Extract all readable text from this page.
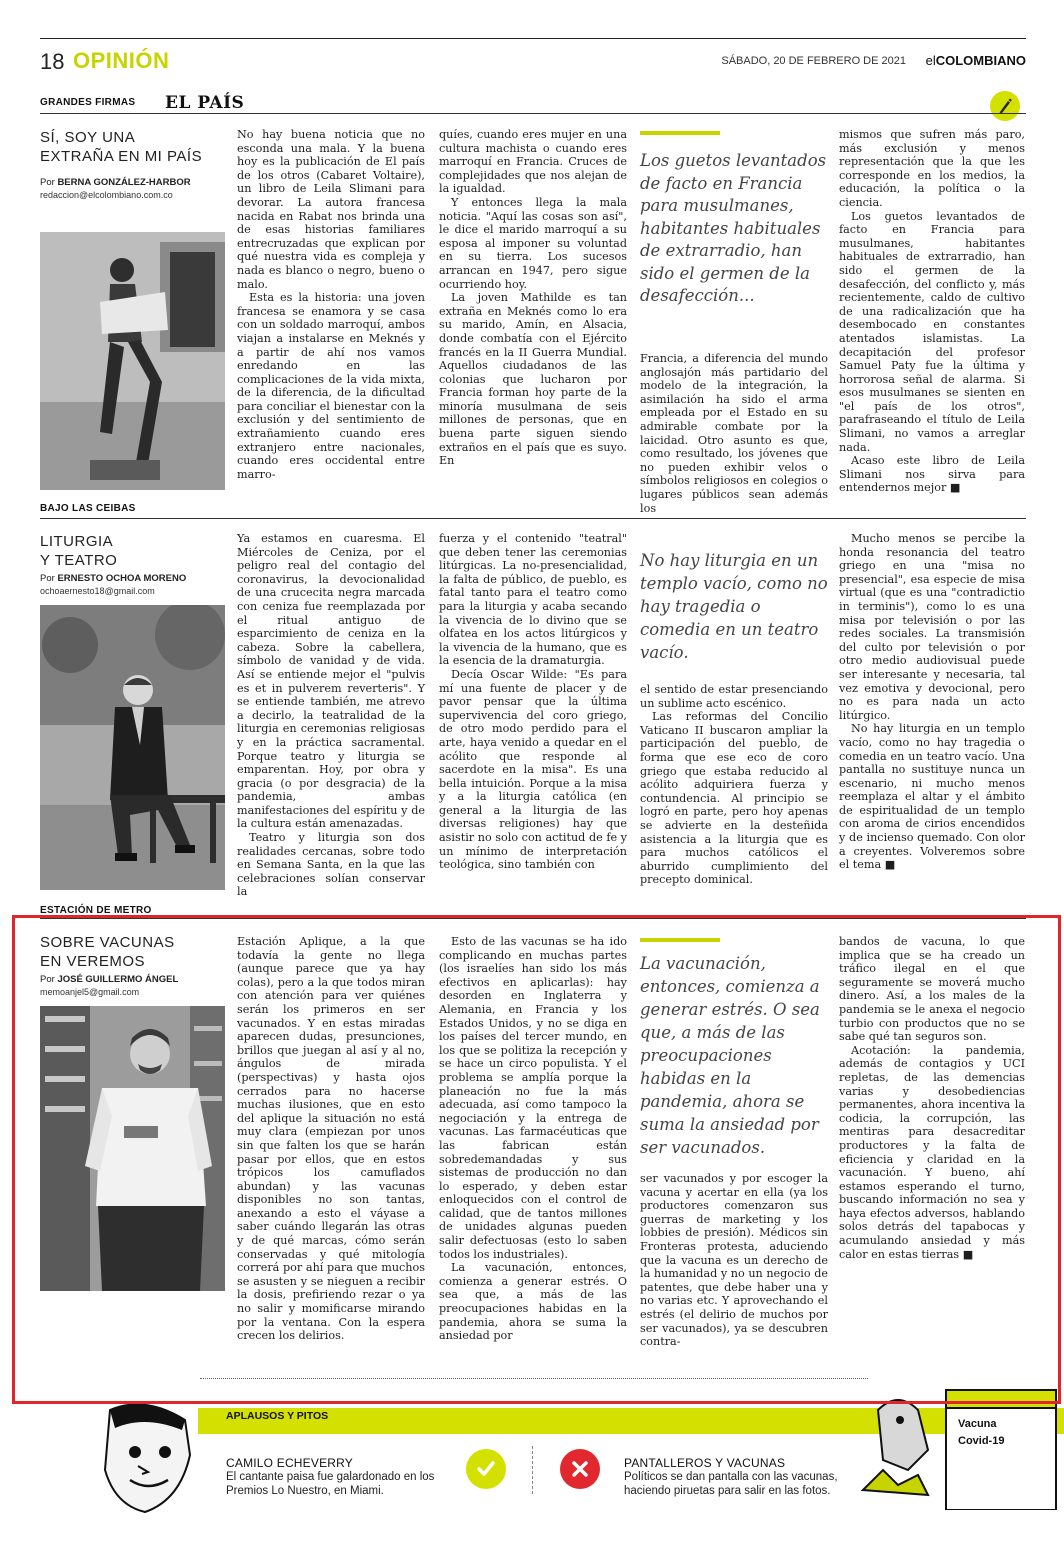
18 OPINIÓN	SÁBADO, 20 DE FEBRERO DE 2021 elCOLOMBIANO
GRANDES FIRMAS EL PAÍS
SÍ, SOY UNA
EXTRAÑA EN MI PAÍS
Por BERNA GONZÁLEZ-HARBOR
redaccion@elcolombiano.com.co

No hay buena noticia que no esconda una mala. Y la buena hoy es la publicación de El país de los otros (Cabaret Voltaire), un libro de Leila Slimani para devorar. La autora francesa nacida en Rabat nos brinda una de esas historias familiares entrecruzadas que explican por qué nuestra vida es compleja y nada es blanco o negro, bueno o malo.

Esta es la historia: una joven francesa se enamora y se casa con un soldado marroquí, ambos viajan a instalarse en Meknés y a partir de ahí nos vamos enredando en las complicaciones de la vida mixta, de la diferencia, de la dificultad para conciliar el bienestar con la exclusión y del sentimiento de extrañamiento cuando eres extranjero entre nacionales, cuando eres occidental entre marro-

quíes, cuando eres mujer en una cultura machista o cuando eres marroquí en Francia. Cruces de complejidades que nos alejan de la igualdad.

Y entonces llega la mala noticia. "Aquí las cosas son así", le dice el marido marroquí a su esposa al imponer su voluntad en su tierra. Los sucesos arrancan en 1947, pero sigue ocurriendo hoy.

La joven Mathilde es tan extraña en Meknés como lo era su marido, Amín, en Alsacia, donde combatía con el Ejército francés en la II Guerra Mundial. Aquellos ciudadanos de las colonias que lucharon por Francia forman hoy parte de la minoría musulmana de seis millones de personas, que en buena parte siguen siendo extraños en el país que es suyo. En

Los guetos levantados de facto en Francia para musulmanes, habitantes habituales de extrarradio, han sido el germen de la desafección...

Francia, a diferencia del mundo anglosajón más partidario del modelo de la integración, la asimilación ha sido el arma empleada por el Estado en su admirable combate por la laicidad. Otro asunto es que, como resultado, los jóvenes que no pueden exhibir velos o símbolos religiosos en colegios o lugares públicos sean además los

mismos que sufren más paro, más exclusión y menos representación que la que les corresponde en los medios, la educación, la política o la ciencia.

Los guetos levantados de facto en Francia para musulmanes, habitantes habituales de extrarradio, han sido el germen de la desafección, del conflicto y, más recientemente, caldo de cultivo de una radicalización que ha desembocado en constantes atentados islamistas. La decapitación del profesor Samuel Paty fue la última y horrorosa señal de alarma. Si esos musulmanes se sienten en "el país de los otros", parafraseando el título de Leila Slimani, no vamos a arreglar nada.

Acaso este libro de Leila Slimani nos sirva para entendernos mejor ■

BAJO LAS CEIBAS
LITURGIA
Y TEATRO
Por ERNESTO OCHOA MORENO
ochoaernesto18@gmail.com

Ya estamos en cuaresma. El Miércoles de Ceniza, por el peligro real del contagio del coronavirus, la devocionalidad de una crucecita negra marcada con ceniza fue reemplazada por el ritual antiguo de esparcimiento de ceniza en la cabeza. Sobre la cabellera, símbolo de vanidad y de vida. Así se entiende mejor el "pulvis es et in pulverem reverteris". Y se entiende también, me atrevo a decirlo, la teatralidad de la liturgia en ceremonias religiosas y en la práctica sacramental. Porque teatro y liturgia se emparentan. Hoy, por obra y gracia (o por desgracia) de la pandemia, ambas manifestaciones del espíritu y de la cultura están amenazadas.

Teatro y liturgia son dos realidades cercanas, sobre todo en Semana Santa, en la que las celebraciones solían conservar la

fuerza y el contenido "teatral" que deben tener las ceremonias litúrgicas. La no-presencialidad, la falta de público, de pueblo, es fatal tanto para el teatro como para la liturgia y acaba secando la vivencia de lo divino que se olfatea en los actos litúrgicos y la vivencia de la humano, que es la esencia de la dramaturgia.

Decía Oscar Wilde: "Es para mí una fuente de placer y de pavor pensar que la última supervivencia del coro griego, de otro modo perdido para el arte, haya venido a quedar en el acólito que responde al sacerdote en la misa". Es una bella intuición. Porque a la misa y a la liturgia católica (en general a la liturgia de las diversas religiones) hay que asistir no solo con actitud de fe y un mínimo de interpretación teológica, sino también con

No hay liturgia en un templo vacío, como no hay tragedia o comedia en un teatro vacío.

el sentido de estar presenciando un sublime acto escénico.

Las reformas del Concilio Vaticano II buscaron ampliar la participación del pueblo, de forma que ese eco de coro griego que estaba reducido al acólito adquiriera fuerza y contundencia. Al principio se logró en parte, pero hoy apenas se advierte en la desteñida asistencia a la liturgia que es para muchos católicos el aburrido cumplimiento del precepto dominical.

Mucho menos se percibe la honda resonancia del teatro griego en una "misa no presencial", esa especie de misa virtual (que es una "contradictio in terminis"), como lo es una misa por televisión o por las redes sociales. La transmisión del culto por televisión o por otro medio audiovisual puede ser interesante y necesaria, tal vez emotiva y devocional, pero no es para nada un acto litúrgico.

No hay liturgia en un templo vacío, como no hay tragedia o comedia en un teatro vacío. Una pantalla no sustituye nunca un escenario, ni mucho menos reemplaza el altar y el ámbito de espiritualidad de un templo con aroma de cirios encendidos y de incienso quemado. Con olor a creyentes. Volveremos sobre el tema ■

ESTACIÓN DE METRO
SOBRE VACUNAS
EN VEREMOS
Por JOSÉ GUILLERMO ÁNGEL
memoanjel5@gmail.com

Estación Aplique, a la que todavía la gente no llega (aunque parece que ya hay colas), pero a la que todos miran con atención para ver quiénes serán los primeros en ser vacunados. Y en estas miradas aparecen dudas, presunciones, brillos que juegan al así y al no, ángulos de mirada (perspectivas) y hasta ojos cerrados para no hacerse muchas ilusiones, que en esto del aplique la situación no está muy clara (empiezan por unos sin que falten los que se harán pasar por ellos, que en estos trópicos los camuflados abundan) y las vacunas disponibles no son tantas, anexando a esto el váyase a saber cuándo llegarán las otras y de qué marcas, cómo serán conservadas y qué mitología correrá por ahí para que muchos se asusten y se nieguen a recibir la dosis, prefiriendo rezar o ya no salir y momificarse mirando por la ventana. Con la espera crecen los delirios.

Esto de las vacunas se ha ido complicando en muchas partes (los israelíes han sido los más efectivos en aplicarlas): hay desorden en Inglaterra y Alemania, en Francia y los Estados Unidos, y no se diga en los países del tercer mundo, en los que se politiza la recepción y se hace un circo populista. Y el problema se amplía porque la planeación no fue la más adecuada, así como tampoco la negociación y la entrega de vacunas. Las farmacéuticas que las fabrican están sobredemandadas y sus sistemas de producción no dan lo esperado, y deben estar enloquecidos con el control de calidad, que de tantos millones de unidades algunas pueden salir defectuosas (esto lo saben todos los industriales).

La vacunación, entonces, comienza a generar estrés. O sea que, a más de las preocupaciones habidas en la pandemia, ahora se suma la ansiedad por

La vacunación, entonces, comienza a generar estrés. O sea que, a más de las preocupaciones habidas en la pandemia, ahora se suma la ansiedad por ser vacunados.

ser vacunados y por escoger la vacuna y acertar en ella (ya los productores comenzaron sus guerras de marketing y los lobbies de presión). Médicos sin Fronteras protesta, aduciendo que la vacuna es un derecho de la humanidad y no un negocio de patentes, que debe haber una y no varias etc. Y aprovechando el estrés (el delirio de muchos por ser vacunados), ya se descubren contra-

bandos de vacuna, lo que implica que se ha creado un tráfico ilegal en el que seguramente se moverá mucho dinero. Así, a los males de la pandemia se le anexa el negocio turbio con productos que no se sabe qué tan seguros son.

Acotación: la pandemia, además de contagios y UCI repletas, de las demencias varias y desobediencias permanentes, ahora incentiva la codicia, la corrupción, las mentiras para desacreditar productores y la falta de eficiencia y claridad en la vacunación. Y bueno, ahí estamos esperando el turno, buscando información no sea y haya efectos adversos, hablando solos detrás del tapabocas y acumulando ansiedad y más calor en estas tierras ■

APLAUSOS Y PITOS
Vacuna
Covid-19
CAMILO ECHEVERRY
El cantante paisa fue galardonado en los Premios Lo Nuestro, en Miami.
PANTALLEROS Y VACUNAS
Políticos se dan pantalla con las vacunas, haciendo piruetas para salir en las fotos.
